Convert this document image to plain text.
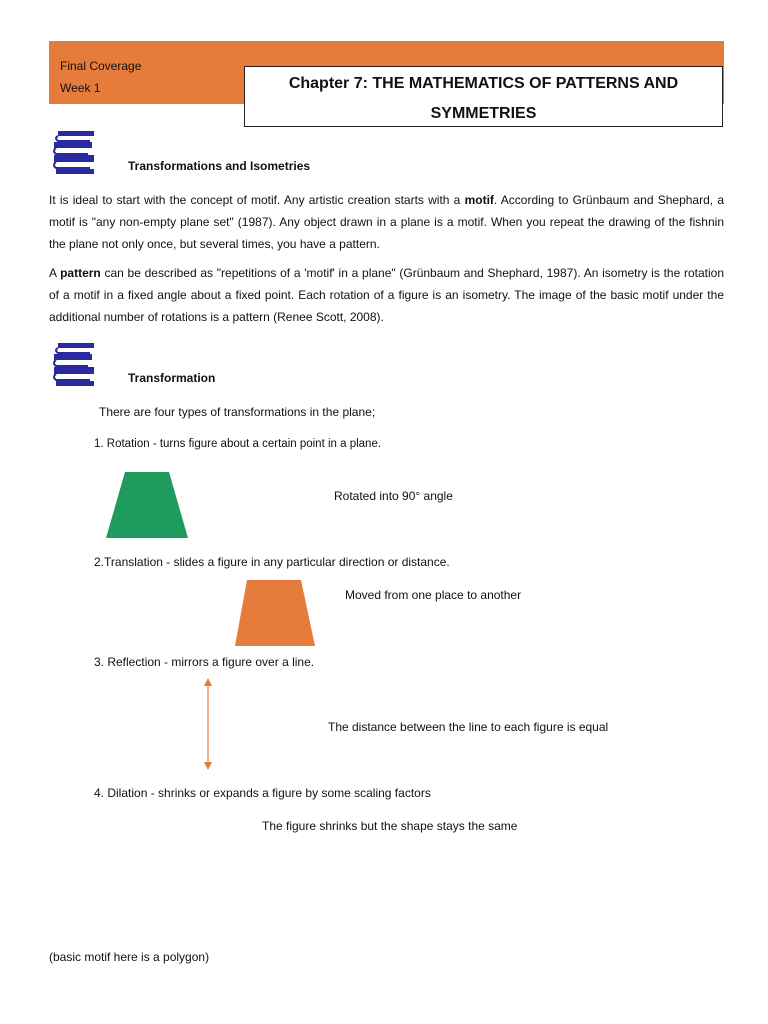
Final Coverage
Week 1	Chapter 7: THE MATHEMATICS OF PATTERNS AND
SYMMETRIES
Transformations and Isometries
It is ideal to start with the concept of motif. Any artistic creation starts with a motif. According to Grünbaum and Shephard, a motif is "any non-empty plane set" (1987). Any object drawn in a plane is a motif. When you repeat the drawing of the fishnin the plane not only once, but several times, you have a pattern.
A pattern can be described as "repetitions of a 'motif' in a plane" (Grünbaum and Shephard, 1987). An isometry is the rotation of a motif in a fixed angle about a fixed point. Each rotation of a figure is an isometry. The image of the basic motif under the additional number of rotations is a pattern (Renee Scott, 2008).
Transformation
There are four types of transformations in the plane;
1. Rotation - turns figure about a certain point in a plane.
Rotated into 90° angle
2.Translation - slides a figure in any particular direction or distance.
Moved from one place to another
3. Reflection - mirrors a figure over a line.
The distance between the line to each figure is equal
4. Dilation - shrinks or expands a figure by some scaling factors
The figure shrinks but the shape stays the same
(basic motif here is a polygon)
